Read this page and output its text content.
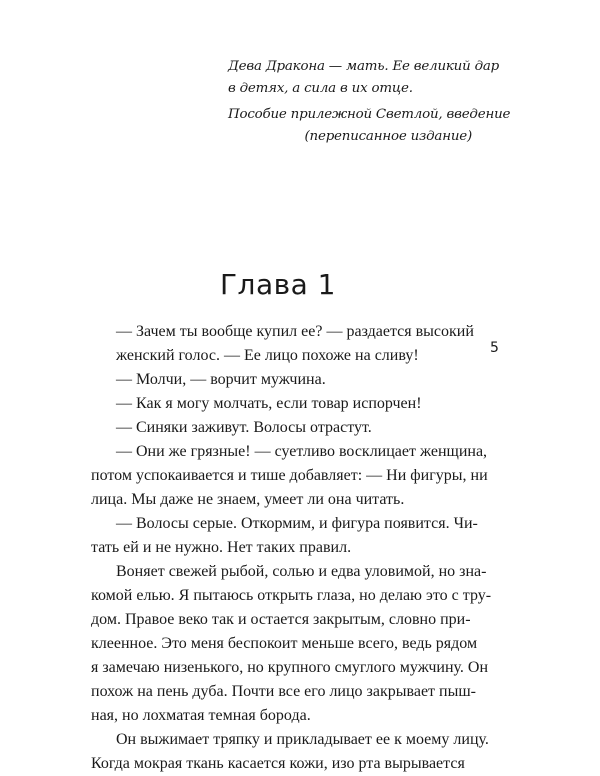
Дева Дракона — мать. Ее великий дар
в детях, а сила в их отце.
Пособие прилежной Светлой, введение
(переписанное издание)
Глава 1
5
— Зачем ты вообще купил ее? — раздается высокий
женский голос. — Ее лицо похоже на сливу!
— Молчи, — ворчит мужчина.
— Как я могу молчать, если товар испорчен!
— Синяки заживут. Волосы отрастут.
— Они же грязные! — суетливо восклицает женщина,
потом успокаивается и тише добавляет: — Ни фигуры, ни
лица. Мы даже не знаем, умеет ли она читать.
— Волосы серые. Откормим, и фигура появится. Чи-
тать ей и не нужно. Нет таких правил.
Воняет свежей рыбой, солью и едва уловимой, но зна-
комой елью. Я пытаюсь открыть глаза, но делаю это с тру-
дом. Правое веко так и остается закрытым, словно при-
клеенное. Это меня беспокоит меньше всего, ведь рядом
я замечаю низенького, но крупного смуглого мужчину. Он
похож на пень дуба. Почти все его лицо закрывает пыш-
ная, но лохматая темная борода.
Он выжимает тряпку и прикладывает ее к моему лицу.
Когда мокрая ткань касается кожи, изо рта вырывается
